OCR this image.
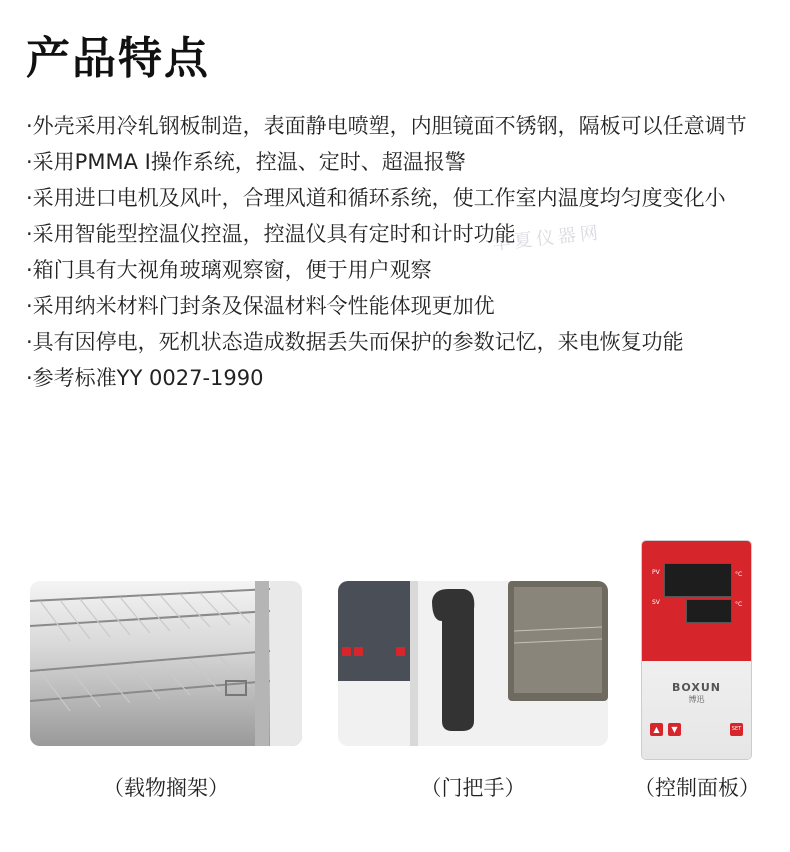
产品特点

·外壳采用冷轧钢板制造，表面静电喷塑，内胆镜面不锈钢，隔板可以任意调节

·采用PMMA I操作系统，控温、定时、超温报警

·采用进口电机及风叶，合理风道和循环系统，使工作室内温度均匀度变化小

·采用智能型控温仪控温，控温仪具有定时和计时功能

·箱门具有大视角玻璃观察窗，便于用户观察

·采用纳米材料门封条及保温材料令性能体现更加优

·具有因停电，死机状态造成数据丢失而保护的参数记忆，来电恢复功能

·参考标准YY 0027-1990

华夏仪器网
（载物搁架）	（门把手）
PV	°C
SV	°C
BOXUN
博迅
▲	▼	SET
（控制面板）
